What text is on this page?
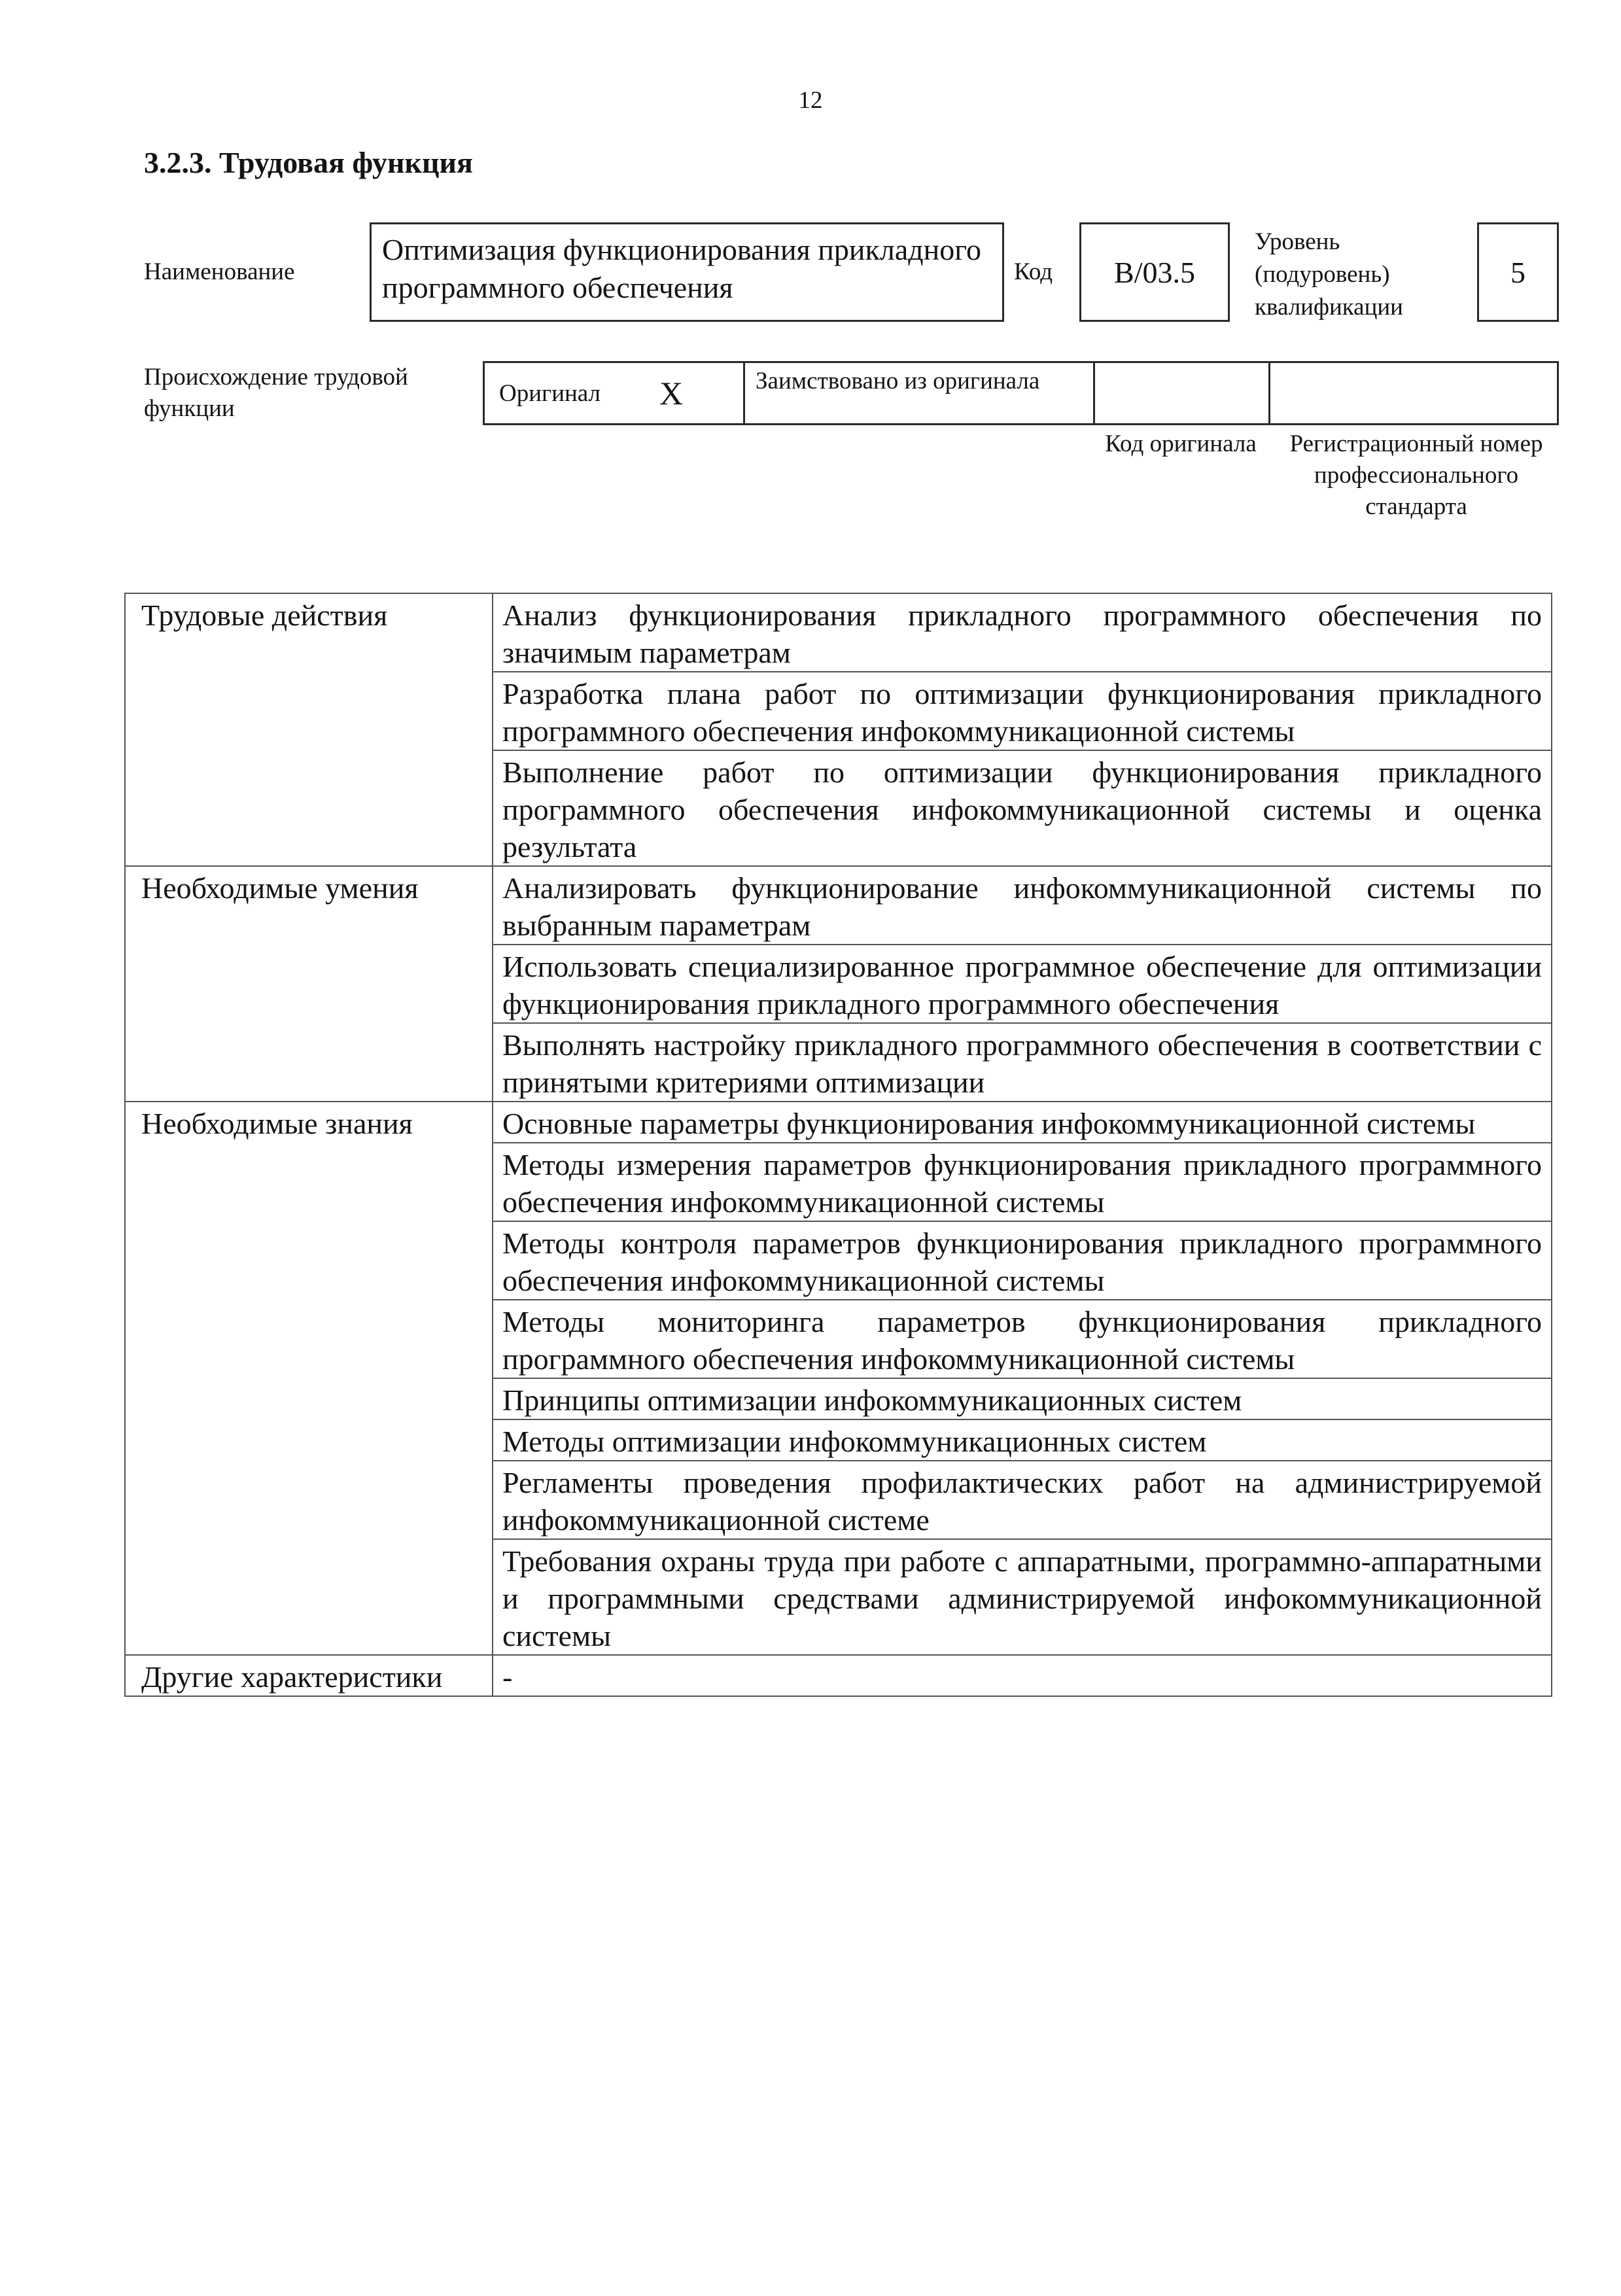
12
3.2.3. Трудовая функция
Наименование
Оптимизация функционирования прикладного программного обеспечения	Код	B/03.5
Уровень (подуровень) квалификации
5
Происхождение трудовой функции
Оригинал X	Заимствовано из оригинала
Код оригинала	Регистрационный номер профессионального стандарта
Трудовые действия	Анализ функционирования прикладного программного обеспечения по значимым параметрам
	Разработка плана работ по оптимизации функционирования прикладного программного обеспечения инфокоммуникационной системы
	Выполнение работ по оптимизации функционирования прикладного программного обеспечения инфокоммуникационной системы и оценка результата
Необходимые умения	Анализировать функционирование инфокоммуникационной системы по выбранным параметрам
	Использовать специализированное программное обеспечение для оптимизации функционирования прикладного программного обеспечения
	Выполнять настройку прикладного программного обеспечения в соответствии с принятыми критериями оптимизации
Необходимые знания	Основные параметры функционирования инфокоммуникационной системы
	Методы измерения параметров функционирования прикладного программного обеспечения инфокоммуникационной системы
	Методы контроля параметров функционирования прикладного программного обеспечения инфокоммуникационной системы
	Методы мониторинга параметров функционирования прикладного программного обеспечения инфокоммуникационной системы
	Принципы оптимизации инфокоммуникационных систем
	Методы оптимизации инфокоммуникационных систем
	Регламенты проведения профилактических работ на администрируемой инфокоммуникационной системе
	Требования охраны труда при работе с аппаратными, программно-аппаратными и программными средствами администрируемой инфокоммуникационной системы
Другие характеристики	-
